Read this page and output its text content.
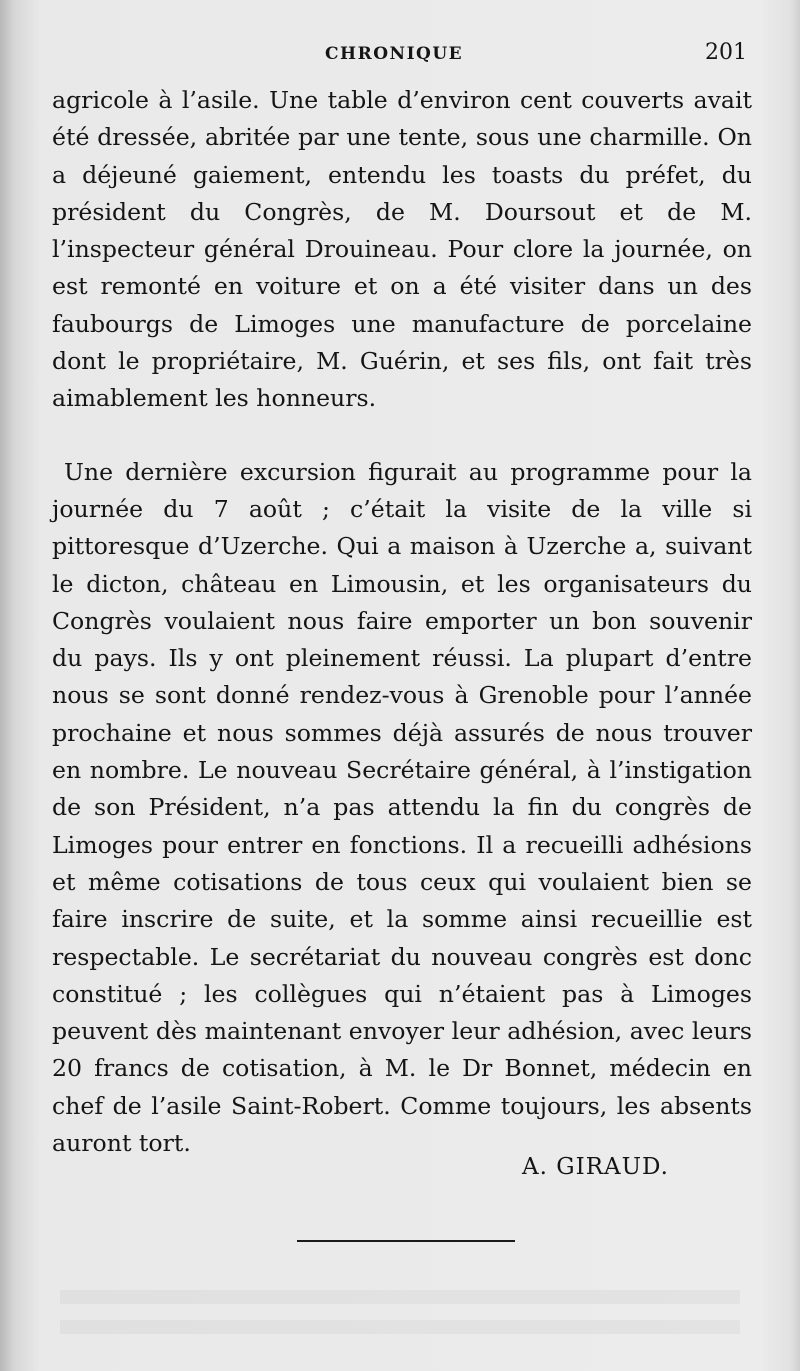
CHRONIQUE	201

agricole à l’asile. Une table d’environ cent couverts avait été dressée, abritée par une tente, sous une charmille. On a déjeuné gaiement, entendu les toasts du préfet, du président du Congrès, de M. Doursout et de M. l’inspecteur général Drouineau. Pour clore la journée, on est remonté en voiture et on a été visiter dans un des faubourgs de Limoges une manufacture de porcelaine dont le propriétaire, M. Guérin, et ses fils, ont fait très aimablement les honneurs.

Une dernière excursion figurait au programme pour la journée du 7 août ; c’était la visite de la ville si pittoresque d’Uzerche. Qui a maison à Uzerche a, suivant le dicton, château en Limousin, et les organisateurs du Congrès voulaient nous faire emporter un bon souvenir du pays. Ils y ont pleinement réussi. La plupart d’entre nous se sont donné rendez-vous à Grenoble pour l’année prochaine et nous sommes déjà assurés de nous trouver en nombre. Le nouveau Secrétaire général, à l’instigation de son Président, n’a pas attendu la fin du congrès de Limoges pour entrer en fonctions. Il a recueilli adhésions et même cotisations de tous ceux qui voulaient bien se faire inscrire de suite, et la somme ainsi recueillie est respectable. Le secrétariat du nouveau congrès est donc constitué ; les collègues qui n’étaient pas à Limoges peuvent dès maintenant envoyer leur adhésion, avec leurs 20 francs de cotisation, à M. le Dr Bonnet, médecin en chef de l’asile Saint-Robert. Comme toujours, les absents auront tort.

A. GIRAUD.
